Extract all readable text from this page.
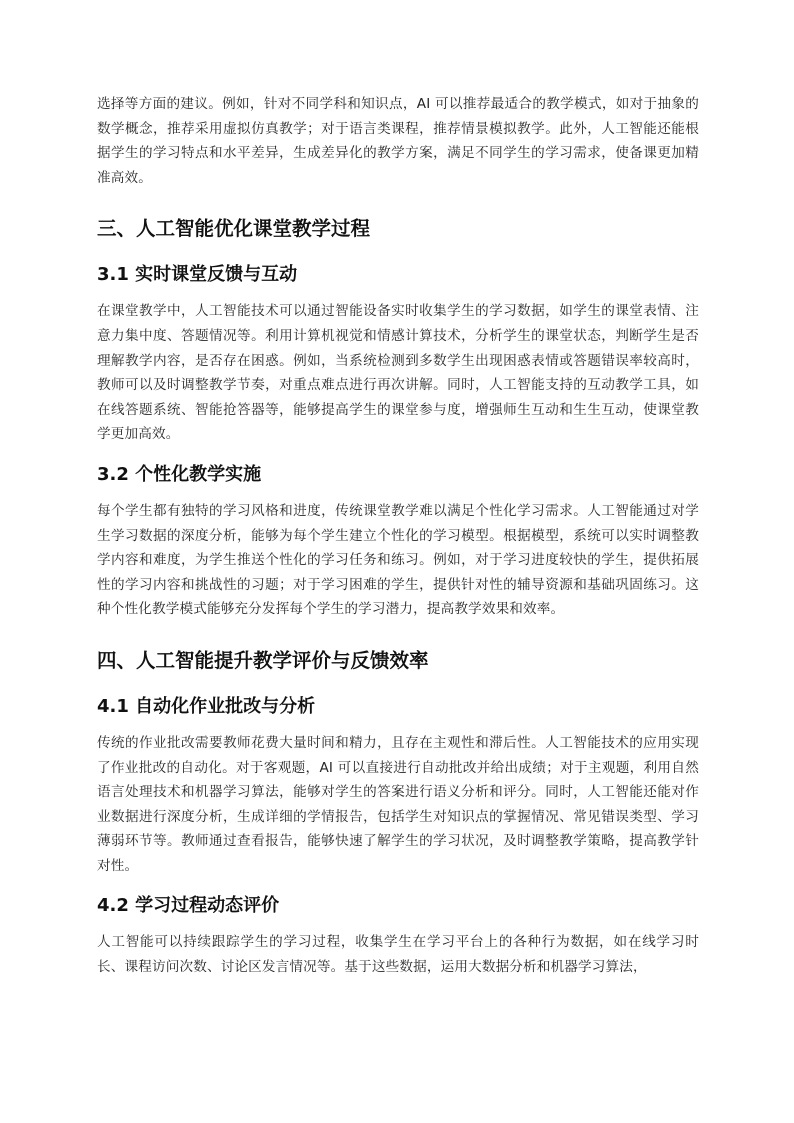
选择等方面的建议。例如，针对不同学科和知识点，AI 可以推荐最适合的教学模式，如对于抽象的数学概念，推荐采用虚拟仿真教学；对于语言类课程，推荐情景模拟教学。此外，人工智能还能根据学生的学习特点和水平差异，生成差异化的教学方案，满足不同学生的学习需求，使备课更加精准高效。

三、人工智能优化课堂教学过程
3.1 实时课堂反馈与互动

在课堂教学中，人工智能技术可以通过智能设备实时收集学生的学习数据，如学生的课堂表情、注意力集中度、答题情况等。利用计算机视觉和情感计算技术，分析学生的课堂状态，判断学生是否理解教学内容，是否存在困惑。例如，当系统检测到多数学生出现困惑表情或答题错误率较高时，教师可以及时调整教学节奏，对重点难点进行再次讲解。同时，人工智能支持的互动教学工具，如在线答题系统、智能抢答器等，能够提高学生的课堂参与度，增强师生互动和生生互动，使课堂教学更加高效。

3.2 个性化教学实施

每个学生都有独特的学习风格和进度，传统课堂教学难以满足个性化学习需求。人工智能通过对学生学习数据的深度分析，能够为每个学生建立个性化的学习模型。根据模型，系统可以实时调整教学内容和难度，为学生推送个性化的学习任务和练习。例如，对于学习进度较快的学生，提供拓展性的学习内容和挑战性的习题；对于学习困难的学生，提供针对性的辅导资源和基础巩固练习。这种个性化教学模式能够充分发挥每个学生的学习潜力，提高教学效果和效率。

四、人工智能提升教学评价与反馈效率
4.1 自动化作业批改与分析

传统的作业批改需要教师花费大量时间和精力，且存在主观性和滞后性。人工智能技术的应用实现了作业批改的自动化。对于客观题，AI 可以直接进行自动批改并给出成绩；对于主观题，利用自然语言处理技术和机器学习算法，能够对学生的答案进行语义分析和评分。同时，人工智能还能对作业数据进行深度分析，生成详细的学情报告，包括学生对知识点的掌握情况、常见错误类型、学习薄弱环节等。教师通过查看报告，能够快速了解学生的学习状况，及时调整教学策略，提高教学针对性。

4.2 学习过程动态评价

人工智能可以持续跟踪学生的学习过程，收集学生在学习平台上的各种行为数据，如在线学习时长、课程访问次数、讨论区发言情况等。基于这些数据，运用大数据分析和机器学习算法，
